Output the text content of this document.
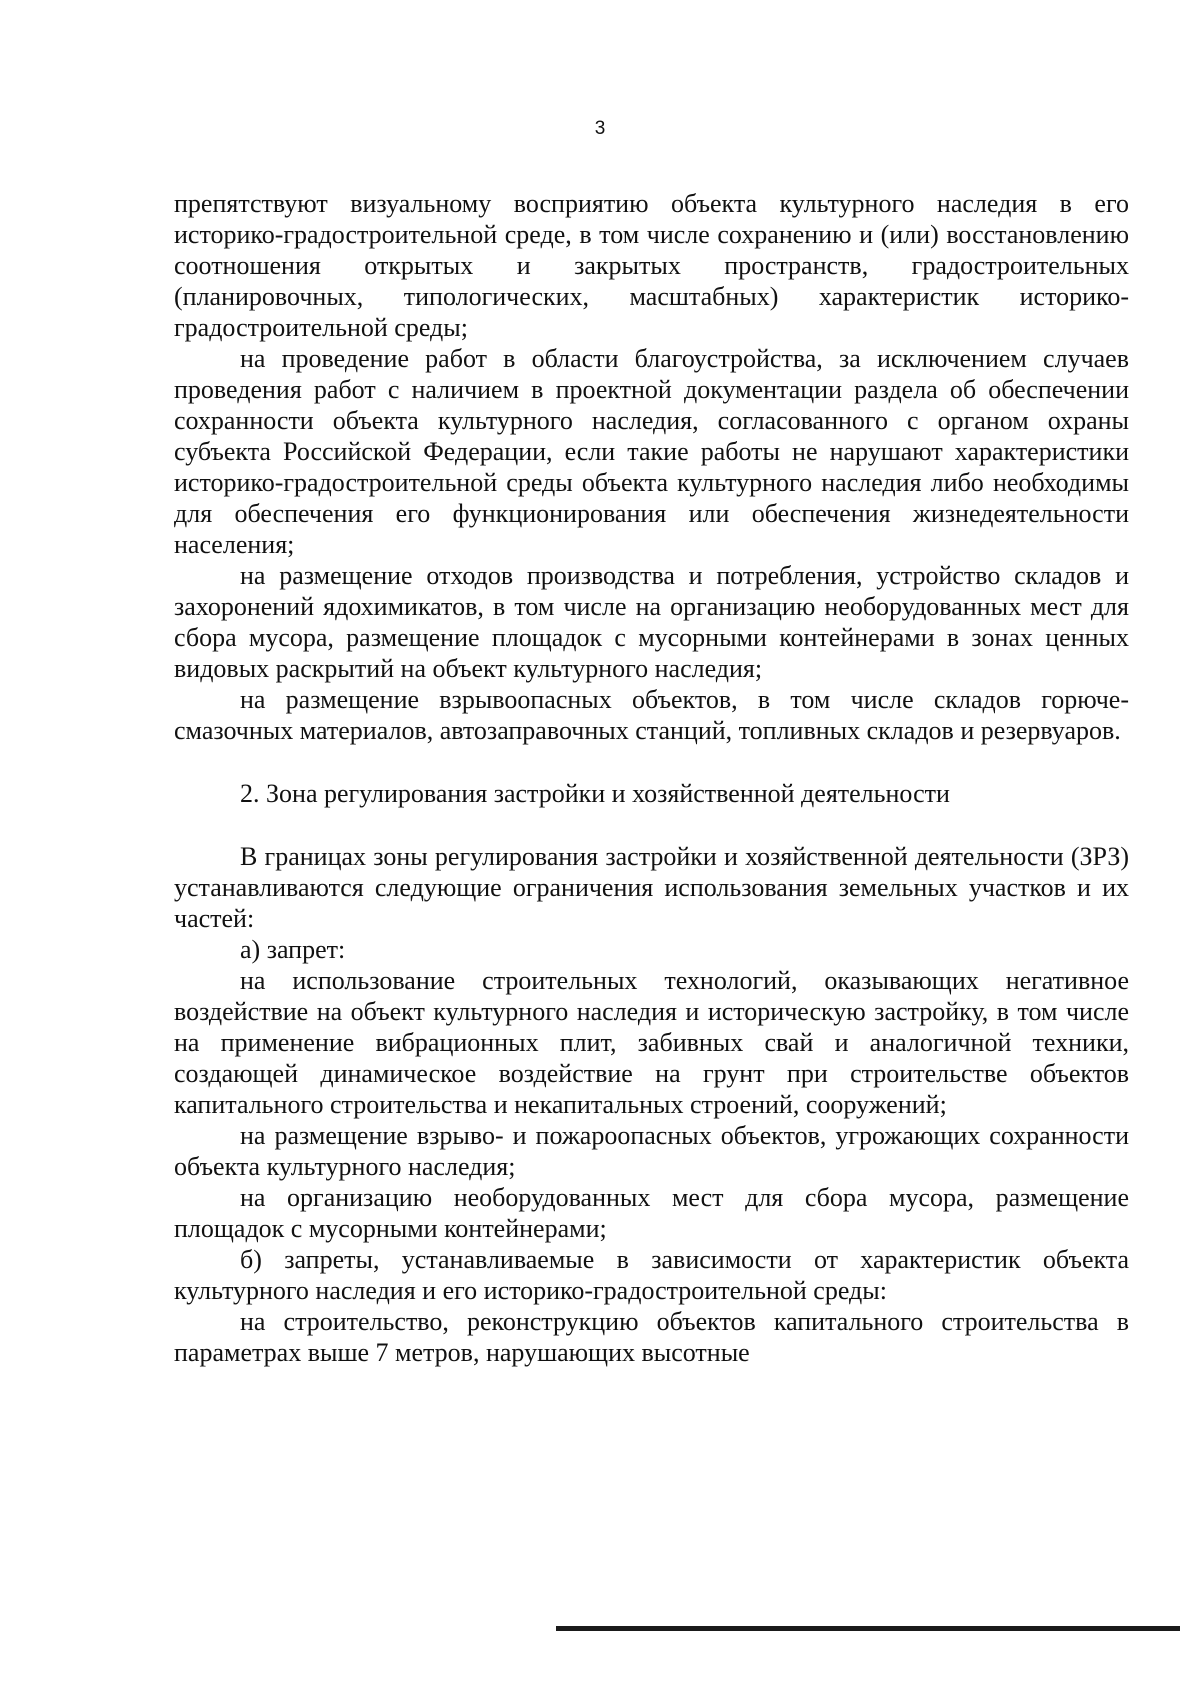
3

препятствуют визуальному восприятию объекта культурного наследия в его историко-градостроительной среде, в том числе сохранению и (или) восстановлению соотношения открытых и закрытых пространств, градостроительных (планировочных, типологических, масштабных) характеристик историко-градостроительной среды;

на проведение работ в области благоустройства, за исключением случаев проведения работ с наличием в проектной документации раздела об обеспечении сохранности объекта культурного наследия, согласованного с органом охраны субъекта Российской Федерации, если такие работы не нарушают характеристики историко-градостроительной среды объекта культурного наследия либо необходимы для обеспечения его функционирования или обеспечения жизнедеятельности населения;

на размещение отходов производства и потребления, устройство складов и захоронений ядохимикатов, в том числе на организацию необорудованных мест для сбора мусора, размещение площадок с мусорными контейнерами в зонах ценных видовых раскрытий на объект культурного наследия;

на размещение взрывоопасных объектов, в том числе складов горюче-смазочных материалов, автозаправочных станций, топливных складов и резервуаров.

2. Зона регулирования застройки и хозяйственной деятельности

В границах зоны регулирования застройки и хозяйственной деятельности (ЗРЗ) устанавливаются следующие ограничения использования земельных участков и их частей:

а) запрет:

на использование строительных технологий, оказывающих негативное воздействие на объект культурного наследия и историческую застройку, в том числе на применение вибрационных плит, забивных свай и аналогичной техники, создающей динамическое воздействие на грунт при строительстве объектов капитального строительства и некапитальных строений, сооружений;

на размещение взрыво- и пожароопасных объектов, угрожающих сохранности объекта культурного наследия;

на организацию необорудованных мест для сбора мусора, размещение площадок с мусорными контейнерами;

б) запреты, устанавливаемые в зависимости от характеристик объекта культурного наследия и его историко-градостроительной среды:

на строительство, реконструкцию объектов капитального строительства в параметрах выше 7 метров, нарушающих высотные
